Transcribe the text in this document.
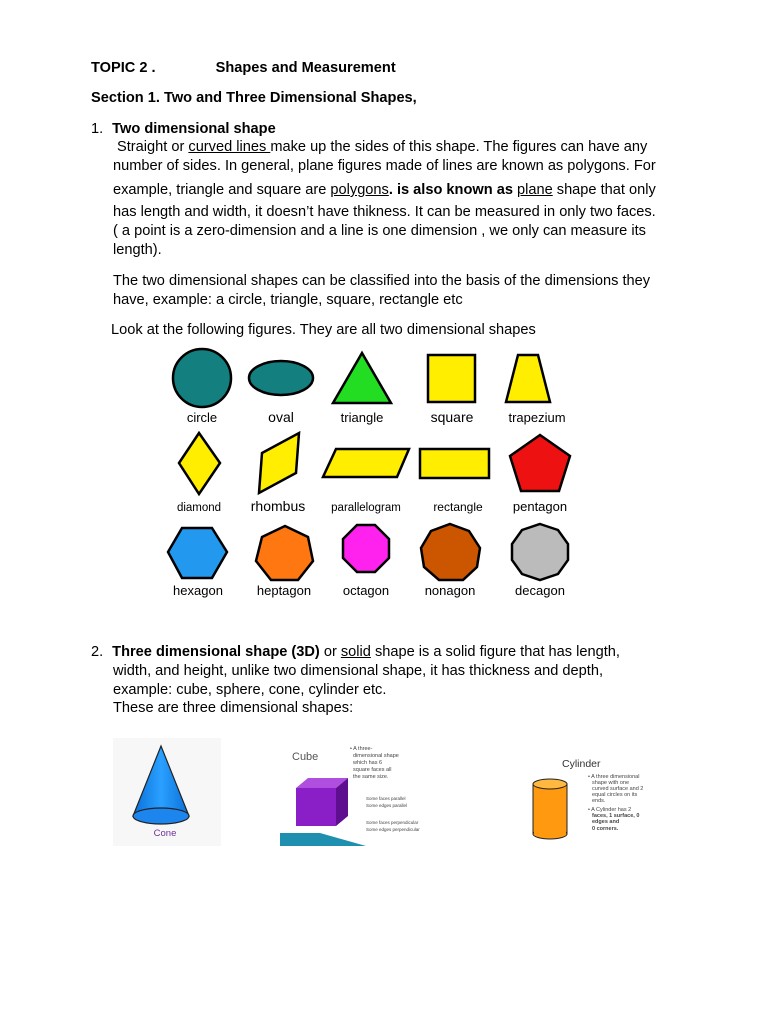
TOPIC 2 .	Shapes and Measurement
Section 1. Two and Three Dimensional Shapes,
1. Two dimensional shape
Straight or curved lines make up the sides of this shape. The figures can have any
number of sides. In general, plane figures made of lines are known as polygons. For
example, triangle and square are polygons. is also known as plane shape that only
has length and width, it doesn’t have thikness. It can be measured in only two faces.
( a point is a zero-dimension and a line is one dimension , we only can measure its
length).
The two dimensional shapes can be classified into the basis of the dimensions they
have, example: a circle, triangle, square, rectangle etc
Look at the following figures. They are all two dimensional shapes
circle	oval	triangle	square	trapezium
diamond rhombus parallelogram	rectangle pentagon
hexagon	heptagon octagon	nonagon	decagon
2. Three dimensional shape (3D) or solid shape is a solid figure that has length,
width, and height, unlike two dimensional shape, it has thickness and depth,
example: cube, sphere, cone, cylinder etc.
These are three dimensional shapes:
Cone
Cube
• A three-
dimensional shape
which has 6
square faces all
the same size.
Some faces parallel
Some edges parallel
Some faces perpendicular
Some edges perpendicular
Cylinder
• A three dimensional
shape with one
curved surface and 2
equal circles on its
ends.
• A Cylinder has 2
faces, 1 surface, 0
edges and
0 corners.
